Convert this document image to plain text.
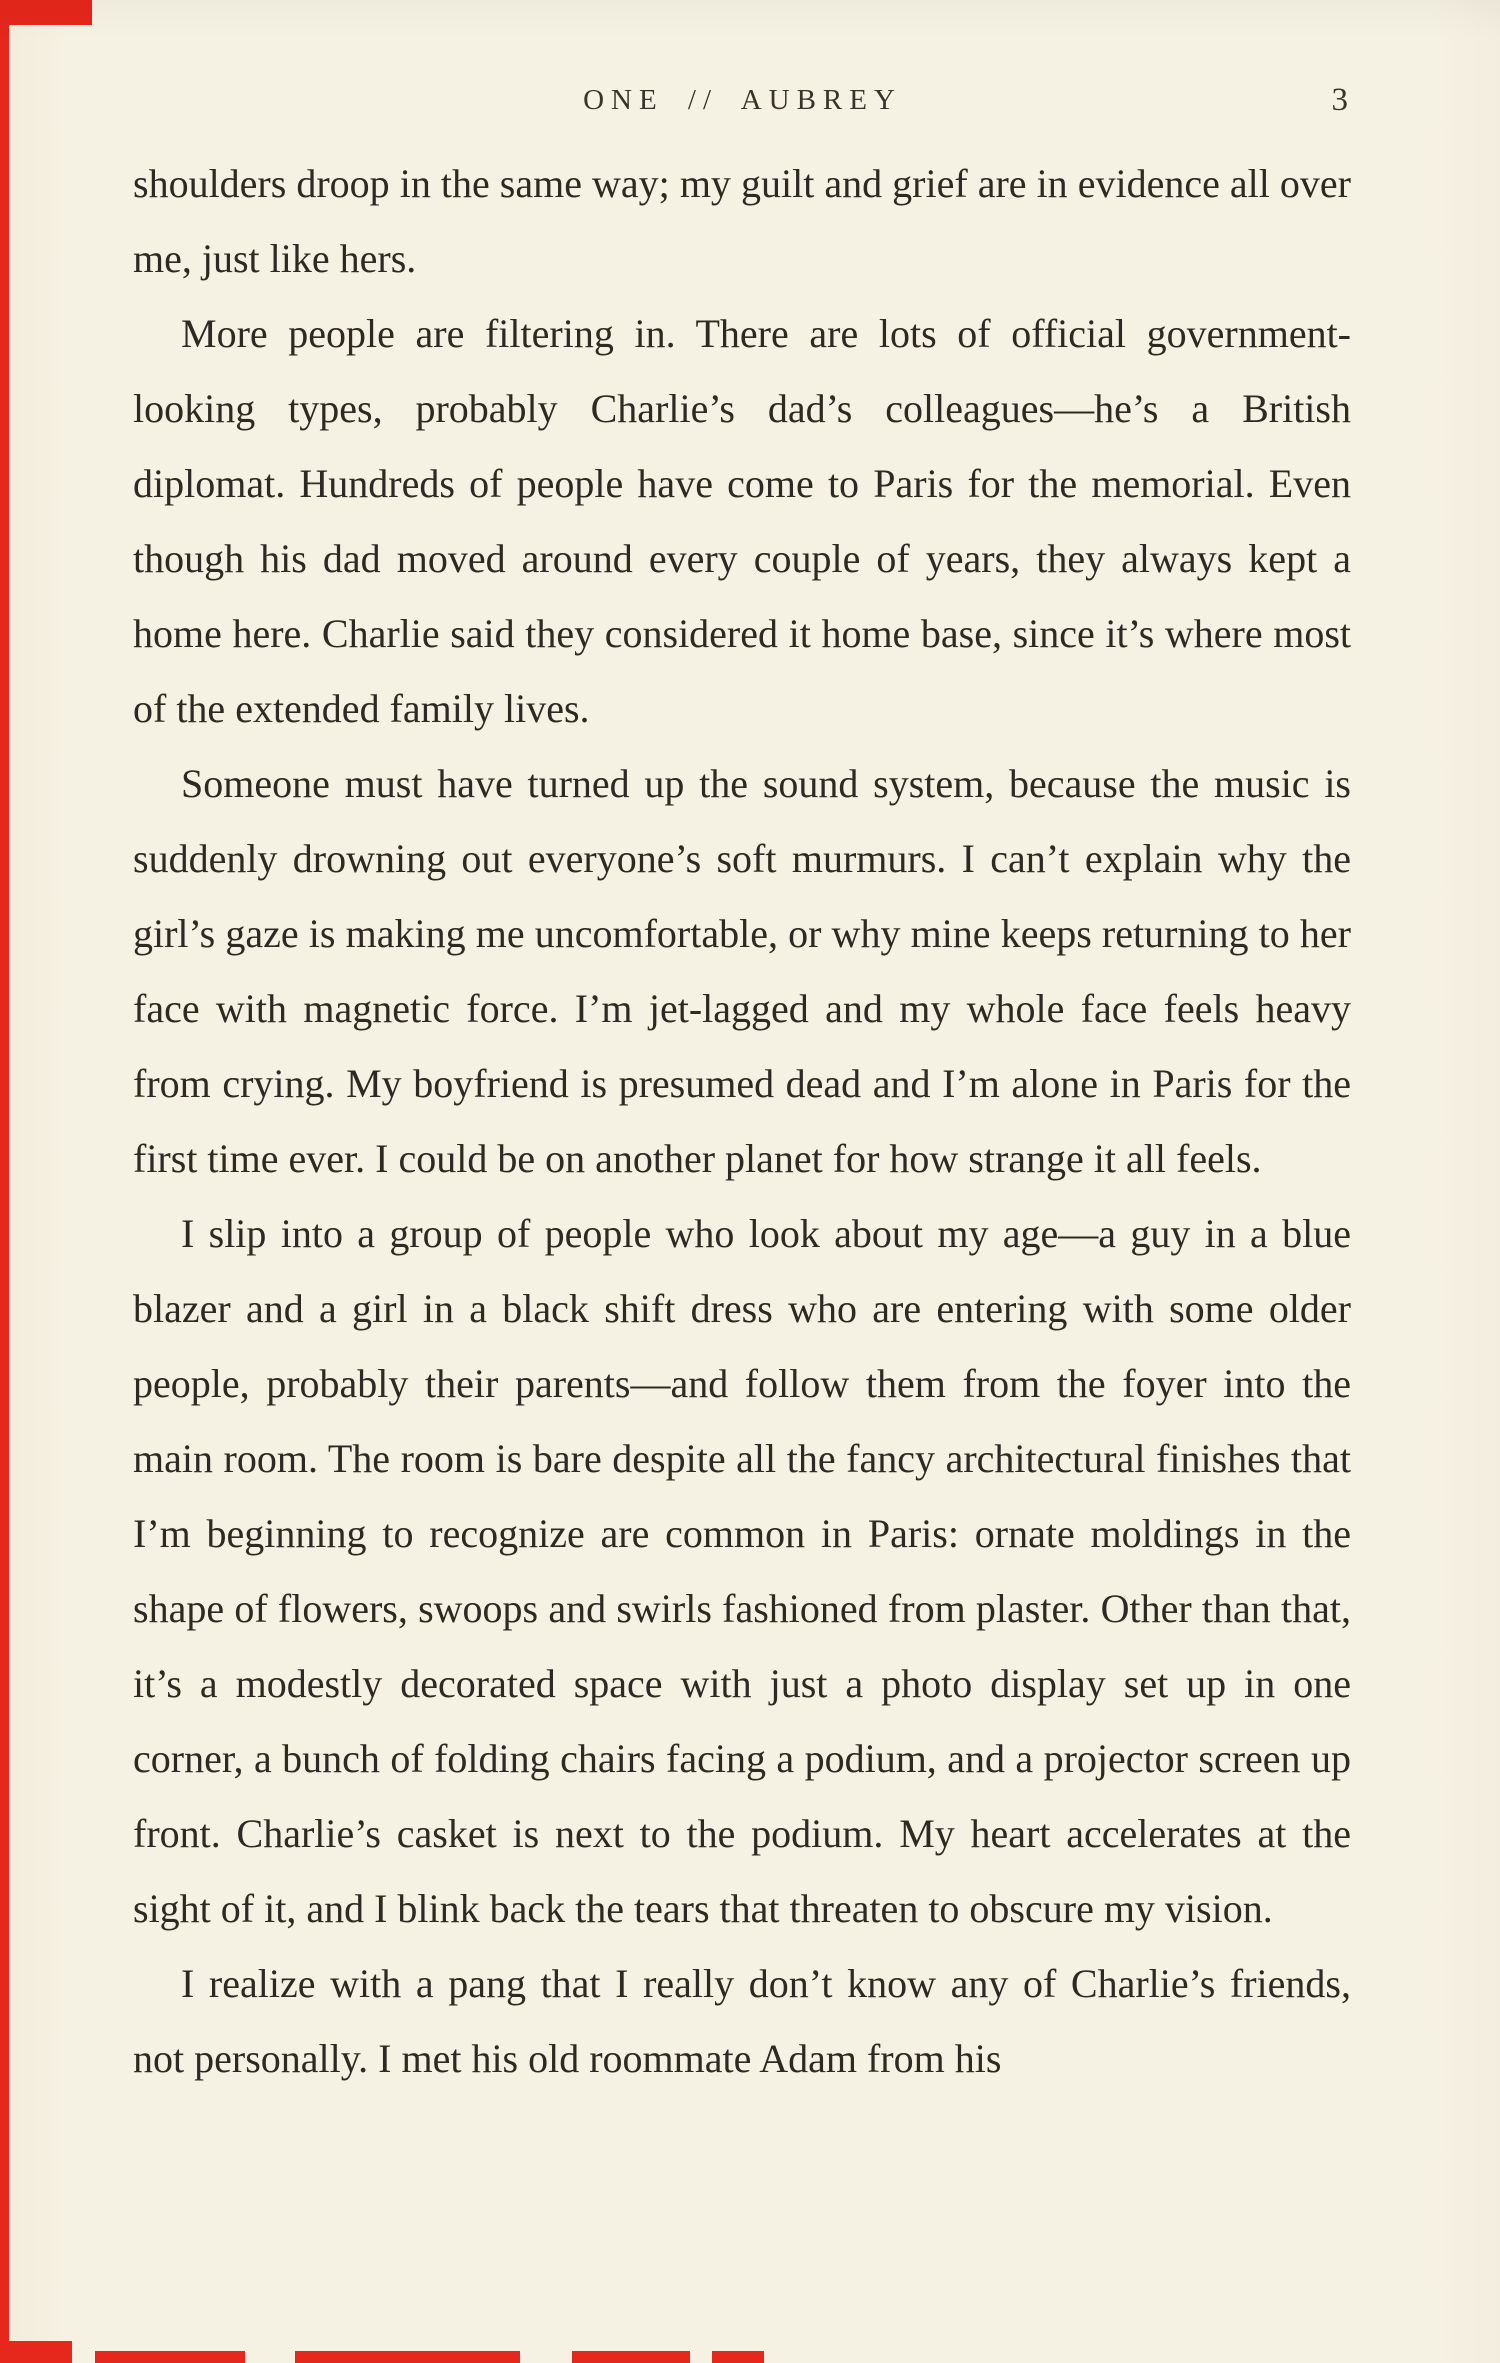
ONE // AUBREY	3

shoulders droop in the same way; my guilt and grief are in evidence all over me, just like hers.

More people are filtering in. There are lots of official government-looking types, probably Charlie’s dad’s colleagues—he’s a British diplomat. Hundreds of people have come to Paris for the memorial. Even though his dad moved around every couple of years, they always kept a home here. Charlie said they considered it home base, since it’s where most of the extended family lives.

Someone must have turned up the sound system, because the music is suddenly drowning out everyone’s soft murmurs. I can’t explain why the girl’s gaze is making me uncomfortable, or why mine keeps returning to her face with magnetic force. I’m jet-lagged and my whole face feels heavy from crying. My boyfriend is presumed dead and I’m alone in Paris for the first time ever. I could be on another planet for how strange it all feels.

I slip into a group of people who look about my age—a guy in a blue blazer and a girl in a black shift dress who are entering with some older people, probably their parents—and follow them from the foyer into the main room. The room is bare despite all the fancy architectural finishes that I’m beginning to recognize are common in Paris: ornate moldings in the shape of flowers, swoops and swirls fashioned from plaster. Other than that, it’s a modestly decorated space with just a photo display set up in one corner, a bunch of folding chairs facing a podium, and a projector screen up front. Charlie’s casket is next to the podium. My heart accelerates at the sight of it, and I blink back the tears that threaten to obscure my vision.

I realize with a pang that I really don’t know any of Charlie’s friends, not personally. I met his old roommate Adam from his
